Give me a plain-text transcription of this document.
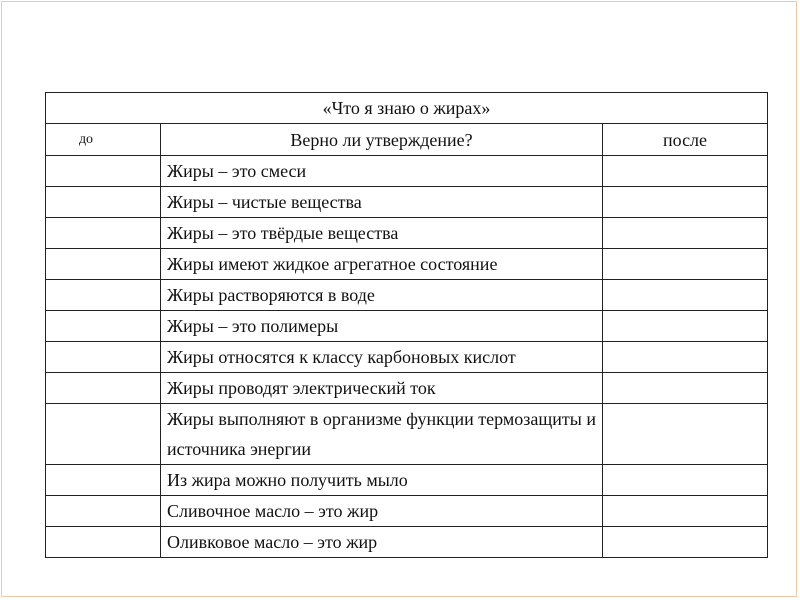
«Что я знаю о жирах»		
до	Верно ли утверждение?	после
	Жиры – это смеси	
	Жиры – чистые вещества	
	Жиры – это твёрдые вещества	
	Жиры имеют жидкое агрегатное состояние	
	Жиры растворяются в воде	
	Жиры – это полимеры	
	Жиры относятся к классу карбоновых кислот	
	Жиры проводят электрический ток	
	Жиры выполняют в организме функции термозащиты и источника энергии	
	Из жира можно получить мыло	
	Сливочное масло – это жир	
	Оливковое масло – это жир	
